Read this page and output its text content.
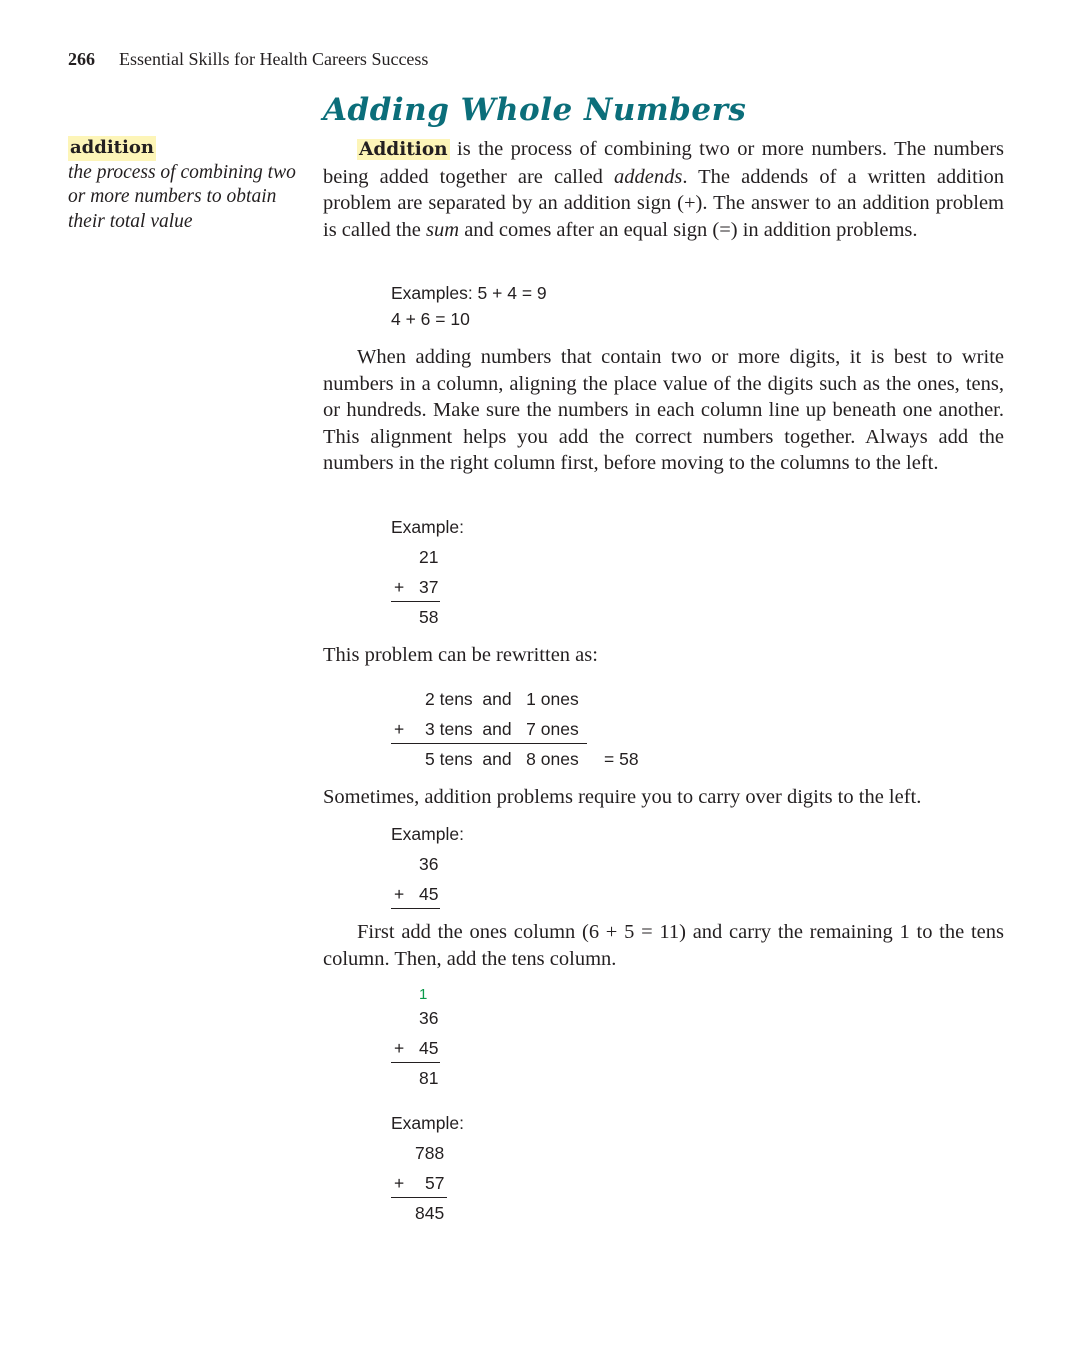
266 Essential Skills for Health Careers Success
Adding Whole Numbers
addition
the process of combining two or more numbers to obtain their total value
Addition is the process of combining two or more numbers. The numbers being added together are called addends. The addends of a written addition problem are separated by an addition sign (+). The answer to an addition problem is called the sum and comes after an equal sign (=) in addition problems.
Examples: 5 + 4 = 9
4 + 6 = 10
When adding numbers that contain two or more digits, it is best to write numbers in a column, aligning the place value of the digits such as the ones, tens, or hundreds. Make sure the numbers in each column line up beneath one another. This alignment helps you add the correct numbers together. Always add the numbers in the right column first, before moving to the columns to the left.
Example:
21
+ 37
58
This problem can be rewritten as:
2 tens  and   1 ones
+ 3 tens  and   7 ones
5 tens  and   8 ones = 58
Sometimes, addition problems require you to carry over digits to the left.
Example:
36
+ 45
First add the ones column (6 + 5 = 11) and carry the remaining 1 to the tens column. Then, add the tens column.
1
36
+ 45
81
Example:
788
+ 57
845
